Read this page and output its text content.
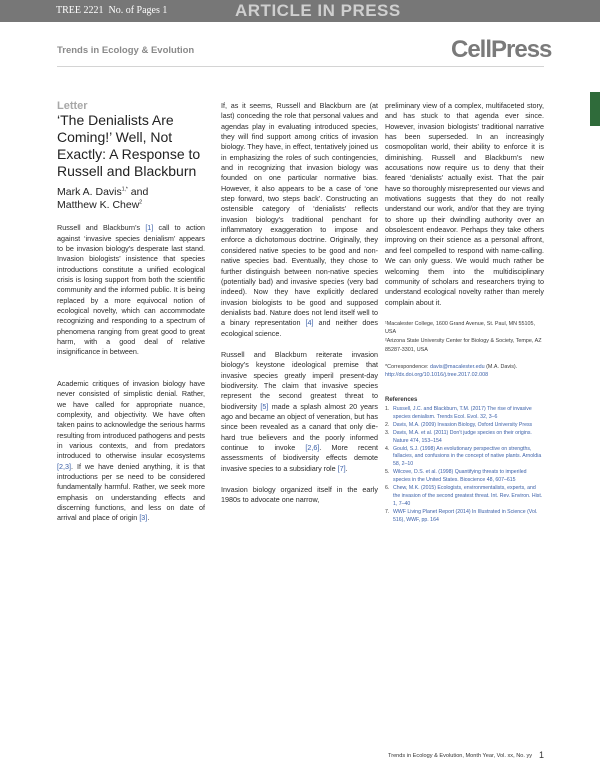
TREE 2221 No. of Pages 1	ARTICLE IN PRESS
Trends in Ecology & Evolution	CellPress
Letter
‘The Denialists Are Coming!’ Well, Not Exactly: A Response to Russell and Blackburn
Mark A. Davis$^{1,*}$ and
Matthew K. Chew$^2$

Russell and Blackburn’s [1] call to action against ‘invasive species denialism’ appears to be invasion biology’s desperate last stand. Invasion biologists’ insistence that species introductions constitute a unified ecological crisis is losing support from both the scientific community and the informed public. It is being replaced by a more equivocal notion of ecological novelty, which can accommodate recognizing and responding to a spectrum of phenomena ranging from great good to great harm, with a good deal of relative insignificance in between.

Academic critiques of invasion biology have never consisted of simplistic denial. Rather, we have called for appropriate nuance, complexity, and objectivity. We have often taken pains to acknowledge the serious harms resulting from introduced pathogens and pests in various contexts, and from predators introduced to otherwise insular ecosystems [2,3]. If we have denied anything, it is that introductions per se need to be considered fundamentally harmful. Rather, we seek more emphasis on understanding effects and discerning functions, and less on date of arrival and place of origin [3].

If, as it seems, Russell and Blackburn are (at last) conceding the role that personal values and agendas play in evaluating introduced species, they will find support among critics of invasion biology. They have, in effect, tentatively joined us in emphasizing the roles of such contingencies, and in recognizing that invasion biology was founded on one particular normative bias. However, it also appears to be a case of ‘one step forward, two steps back’. Constructing an ostensible category of ‘denialists’ reflects invasion biology’s traditional penchant for inflammatory exaggeration to impose and enforce a dichotomous doctrine. Originally, they considered native species to be good and non-native species bad. Eventually, they chose to further distinguish between non-native species (potentially bad) and invasive species (very bad indeed). Now they have explicitly declared invasion biologists to be good and supposed denialists bad. Nature does not lend itself well to a binary representation [4] and neither does ecological science.

Russell and Blackburn reiterate invasion biology’s keystone ideological premise that invasive species greatly imperil present-day biodiversity. The claim that invasive species represent the second greatest threat to biodiversity [5] made a splash almost 20 years ago and became an object of veneration, but has since been revealed as a canard that only die-hard true believers and the poorly informed continue to invoke [2,6]. More recent assessments of biodiversity effects demote invasive species to a subsidiary role [7].

Invasion biology organized itself in the early 1980s to advocate one narrow,

preliminary view of a complex, multifaceted story, and has stuck to that agenda ever since. However, invasion biologists’ traditional narrative has been superseded. In an increasingly cosmopolitan world, their ability to enforce it is diminishing. Russell and Blackburn’s new accusations now require us to deny that their feared ‘denialists’ actually exist. That the pair have so thoroughly misrepresented our views and motivations suggests that they do not really understand our work, and/or that they are trying to shore up their dwindling authority over an obsolescent endeavor. Perhaps they take others improving on their science as a personal affront, and feel compelled to respond with name-calling. We can only guess. We would much rather be welcoming them into the multidisciplinary community of scholars and researchers trying to understand ecological novelty rather than merely complain about it.

¹Macalester College, 1600 Grand Avenue, St. Paul, MN 55105, USA
²Arizona State University Center for Biology & Society, Tempe, AZ 85287-3301, USA
*Correspondence: davis@macalester.edu (M.A. Davis).
http://dx.doi.org/10.1016/j.tree.2017.02.008
References
1. Russell, J.C. and Blackburn, T.M. (2017) The rise of invasive species denialism. Trends Ecol. Evol. 32, 3–6
2. Davis, M.A. (2009) Invasion Biology, Oxford University Press
3. Davis, M.A. et al. (2011) Don’t judge species on their origins. Nature 474, 153–154
4. Gould, S.J. (1998) An evolutionary perspective on strengths, fallacies, and confusions in the concept of native plants. Arnoldia 58, 2–10
5. Wilcove, D.S. et al. (1998) Quantifying threats to imperiled species in the United States. Bioscience 48, 607–615
6. Chew, M.K. (2015) Ecologists, environmentalists, experts, and the invasion of the second greatest threat. Int. Rev. Environ. Hist. 1, 7–40
7. WWF Living Planet Report (2014) In Illustrated in Science (Vol. 516), WWF, pp. 164
Trends in Ecology & Evolution, Month Year, Vol. xx, No. yy 1
